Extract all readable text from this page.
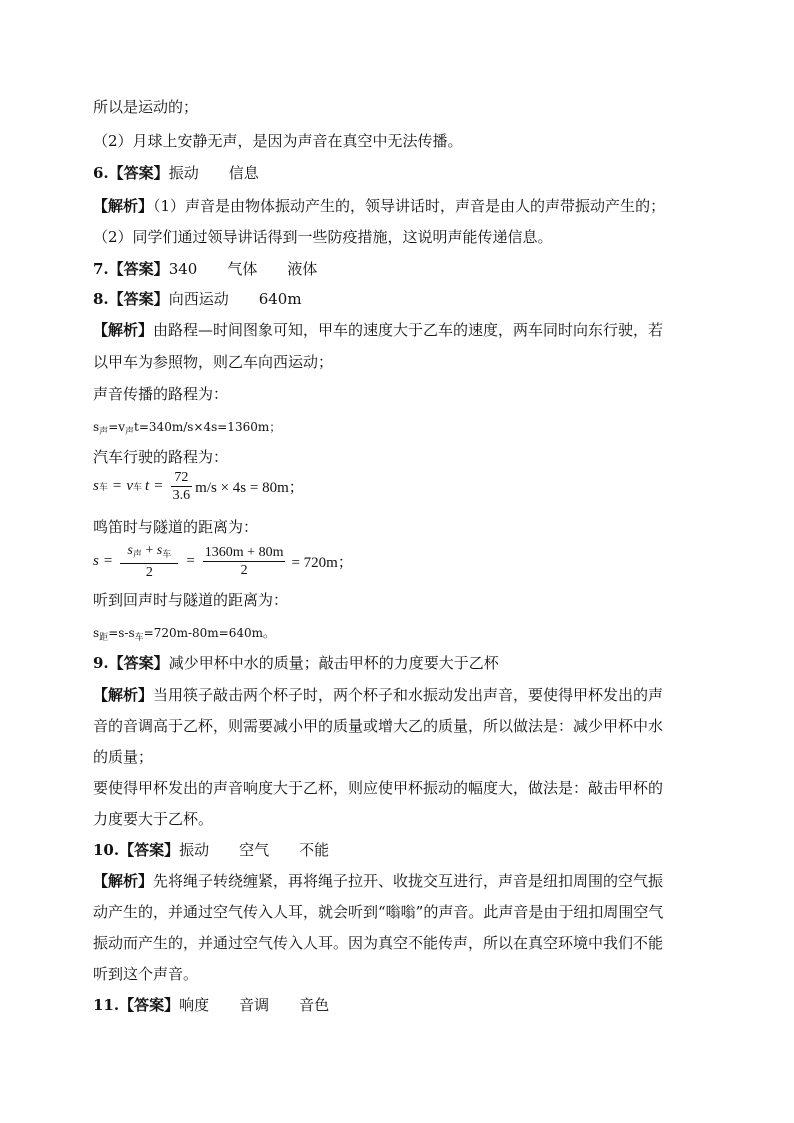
所以是运动的；
（2）月球上安静无声，是因为声音在真空中无法传播。
6.【答案】振动 信息
【解析】（1）声音是由物体振动产生的，领导讲话时，声音是由人的声带振动产生的；
（2）同学们通过领导讲话得到一些防疫措施，这说明声能传递信息。
7.【答案】340 气体 液体
8.【答案】向西运动 640m
【解析】由路程—时间图象可知，甲车的速度大于乙车的速度，两车同时向东行驶，若
以甲车为参照物，则乙车向西运动；
声音传播的路程为：
$s_声=v_声t=340m/s\times 4s=1360m$；
汽车行驶的路程为：
s 车 = v 车 $t = \frac{72}{3.6} m/s \times 4s = 80m$；
鸣笛时与隧道的距离为：
$s = \frac{s_声 + s_车}{2} = \frac{1360m + 80m}{2} = 720m$；
听到回声时与隧道的距离为：
$s_距=s-s_车=720m-80m=640m$。
9.【答案】减少甲杯中水的质量；敲击甲杯的力度要大于乙杯
【解析】当用筷子敲击两个杯子时，两个杯子和水振动发出声音，要使得甲杯发出的声
音的音调高于乙杯，则需要减小甲的质量或增大乙的质量，所以做法是：减少甲杯中水
的质量；
要使得甲杯发出的声音响度大于乙杯，则应使甲杯振动的幅度大，做法是：敲击甲杯的
力度要大于乙杯。
10.【答案】振动 空气 不能
【解析】先将绳子转绕缠紧，再将绳子拉开、收拢交互进行，声音是纽扣周围的空气振
动产生的，并通过空气传入人耳，就会听到“嗡嗡”的声音。此声音是由于纽扣周围空气
振动而产生的，并通过空气传入人耳。因为真空不能传声，所以在真空环境中我们不能
听到这个声音。
11.【答案】响度 音调 音色
